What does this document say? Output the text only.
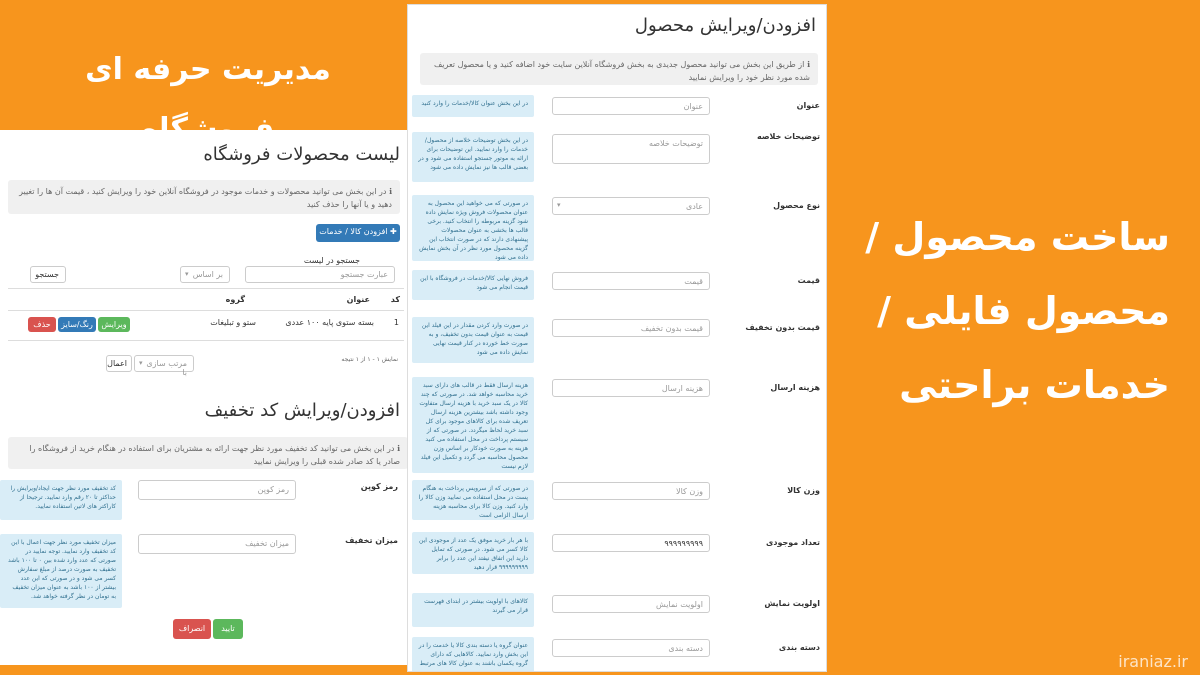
مدیریت حرفه ای
لیست محصولات فروشگاه
ℹ در این بخش می توانید محصولات و خدمات موجود در فروشگاه آنلاین خود را ویرایش کنید ، قیمت آن ها را تغییر دهید و یا آنها را حذف کنید
✚ افزودن کالا / خدمات
جستجو در لیست
عبارت جستجو
بر اساس
▾
جستجو
کد
عنوان
گروه
1
بسته ستوی پایه ۱۰۰ عددی
ستو و تبلیغات
ویرایش
رنگ/سایز
حذف
نمایش ۱ - ۱ از ۱ نتیجه
مرتب سازی با
▾
اعمال
افزودن/ویرایش کد تخفیف
ℹ در این بخش می توانید کد تخفیف مورد نظر جهت ارائه به مشتریان برای استفاده در هنگام خرید از فروشگاه را صادر یا کد صادر شده قبلی را ویرایش نمایید
رمز کوپن
رمز کوپن
کد تخفیف مورد نظر جهت ایجاد/ویرایش را حداکثر تا ۲۰ رقم وارد نمایید. ترجیحا از کاراکتر های لاتین استفاده نمایید.
میزان تخفیف
میزان تخفیف
میزان تخفیف مورد نظر جهت اعمال با این کد تخفیف وارد نمایید. توجه نمایید در صورتی که عدد وارد شده بین ۰ تا ۱۰۰ باشد تخفیف به صورت درصد از مبلغ سفارش کسر می شود و در صورتی که این عدد بیشتر از ۱۰۰ باشد به عنوان میزان تخفیف به تومان در نظر گرفته خواهد شد.
تایید
انصراف
افزودن/ویرایش محصول
ℹ از طریق این بخش می توانید محصول جدیدی به بخش فروشگاه آنلاین سایت خود اضافه کنید و یا محصول تعریف شده مورد نظر خود را ویرایش نمایید
عنوان
عنوان
در این بخش عنوان کالا/خدمات را وارد کنید
توضیحات خلاصه
توضیحات خلاصه
در این بخش توضیحات خلاصه از محصول/خدمات را وارد نمایید. این توضیحات برای ارائه به موتور جستجو استفاده می شود و در بعضی قالب ها نیز نمایش داده می شود
نوع محصول
عادی
▾
در صورتی که می خواهید این محصول به عنوان محصولات فروش ویژه نمایش داده شود گزینه مربوطه را انتخاب کنید. برخی قالب ها بخشی به عنوان محصولات پیشنهادی دارند که در صورت انتخاب این گزینه محصول مورد نظر در آن بخش نمایش داده می شود
قیمت
قیمت
فروش نهایی کالا/خدمات در فروشگاه با این قیمت انجام می شود
قیمت بدون تخفیف
قیمت بدون تخفیف
در صورت وارد کردن مقدار در این فیلد این قیمت به عنوان قیمت بدون تخفیف، و به صورت خط خورده در کنار قیمت نهایی نمایش داده می شود
هزینه ارسال
هزینه ارسال
هزینه ارسال فقط در قالب های دارای سبد خرید محاسبه خواهد شد. در صورتی که چند کالا در یک سبد خرید با هزینه ارسال متفاوت وجود داشته باشد بیشترین هزینه ارسال تعریف شده برای کالاهای موجود برای کل سبد خرید لحاظ میگردد. در صورتی که از سیستم پرداخت در محل استفاده می کنید هزینه به صورت خودکار بر اساس وزن محصول محاسبه می گردد و تکمیل این فیلد لازم نیست
وزن کالا
وزن کالا
در صورتی که از سرویس پرداخت به هنگام پست در محل استفاده می نمایید وزن کالا را وارد کنید. وزن کالا برای محاسبه هزینه ارسال الزامی است
تعداد موجودی
۹۹۹۹۹۹۹۹۹
با هر بار خرید موفق یک عدد از موجودی این کالا کسر می شود. در صورتی که تمایل دارید این اتفاق نیفتد این عدد را برابر ۹۹۹۹۹۹۹۹۹ قرار دهید
اولویت نمایش
اولویت نمایش
کالاهای با اولویت بیشتر در ابتدای فهرست قرار می گیرند
دسته بندی
دسته بندی
عنوان گروه یا دسته بندی کالا یا خدمت را در این بخش وارد نمایید. کالاهایی که دارای گروه یکسان باشند به عنوان کالا های مرتبط
ساخت محصول /
محصول فایلی /
خدمات براحتی
iraniaz.ir
